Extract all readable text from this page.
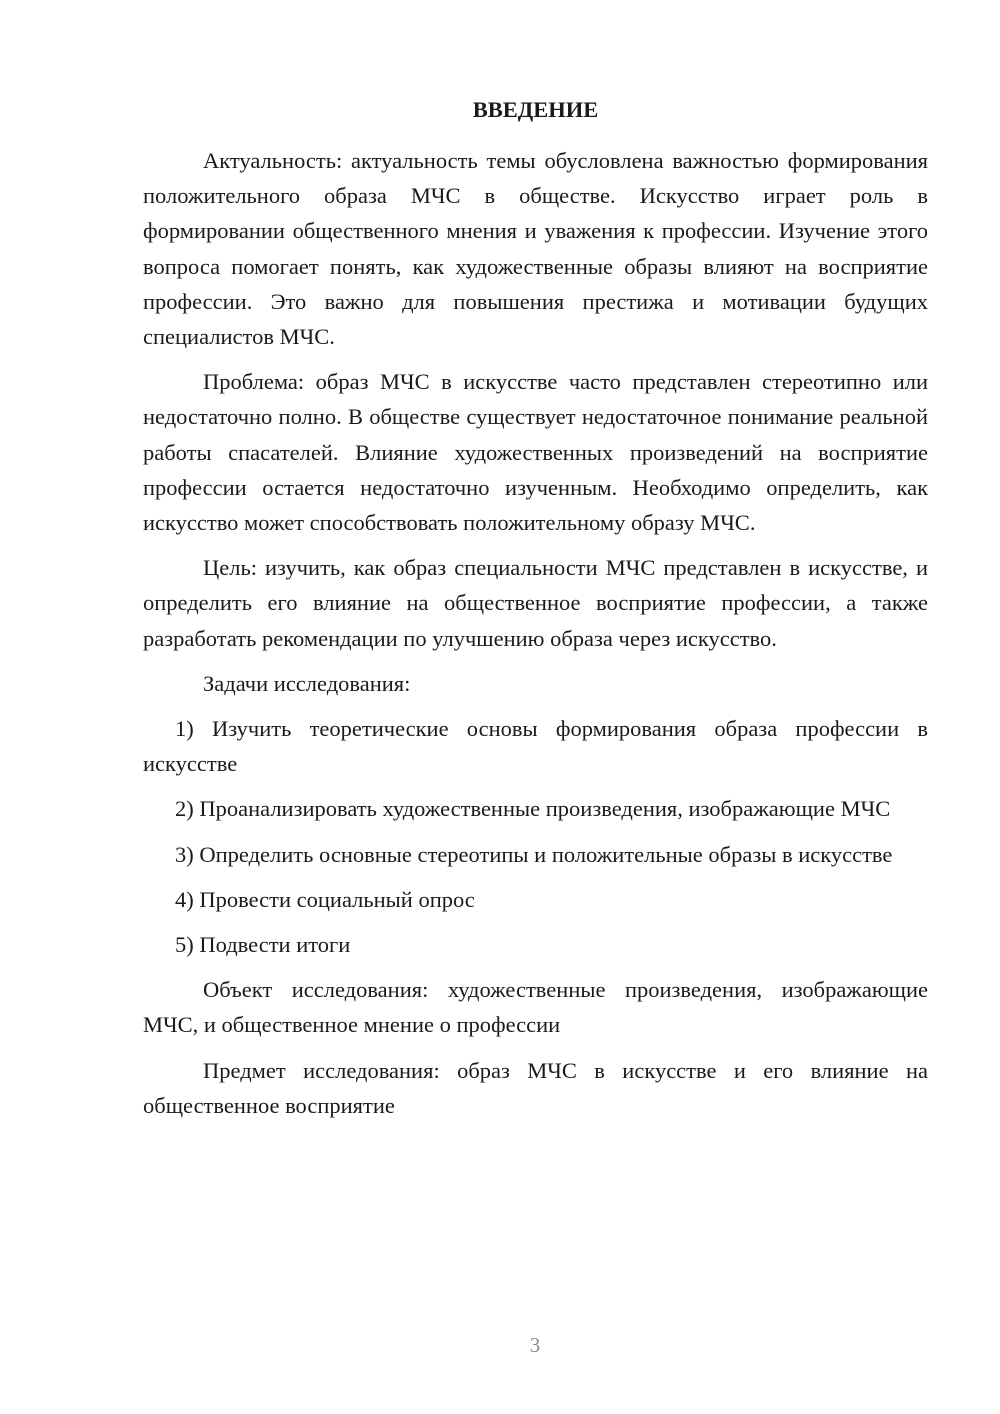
ВВЕДЕНИЕ

Актуальность: актуальность темы обусловлена важностью формирования положительного образа МЧС в обществе. Искусство играет роль в формировании общественного мнения и уважения к профессии. Изучение этого вопроса помогает понять, как художественные образы влияют на восприятие профессии. Это важно для повышения престижа и мотивации будущих специалистов МЧС.

Проблема: образ МЧС в искусстве часто представлен стереотипно или недостаточно полно. В обществе существует недостаточное понимание реальной работы спасателей. Влияние художественных произведений на восприятие профессии остается недостаточно изученным. Необходимо определить, как искусство может способствовать положительному образу МЧС.

Цель: изучить, как образ специальности МЧС представлен в искусстве, и определить его влияние на общественное восприятие профессии, а также разработать рекомендации по улучшению образа через искусство.

Задачи исследования:

1) Изучить теоретические основы формирования образа профессии в искусстве

2) Проанализировать художественные произведения, изображающие МЧС

3) Определить основные стереотипы и положительные образы в искусстве

4) Провести социальный опрос

5) Подвести итоги

Объект исследования: художественные произведения, изображающие МЧС, и общественное мнение о профессии

Предмет исследования: образ МЧС в искусстве и его влияние на общественное восприятие

3
